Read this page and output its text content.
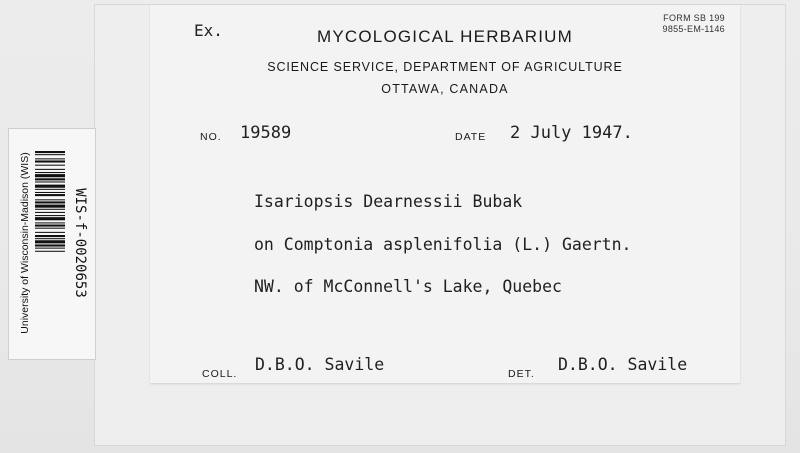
Ex.
FORM SB 199
9855-EM-1146
MYCOLOGICAL HERBARIUM
SCIENCE SERVICE, DEPARTMENT OF AGRICULTURE
OTTAWA, CANADA
NO. 19589	DATE 2 July 1947.
Isariopsis Dearnessii Bubak
on Comptonia asplenifolia (L.) Gaertn.
NW. of McConnell's Lake, Quebec
COLL. D.B.O. Savile	DET. D.B.O. Savile
University of Wisconsin-Madison (WIS)	WIS-f-0020653
